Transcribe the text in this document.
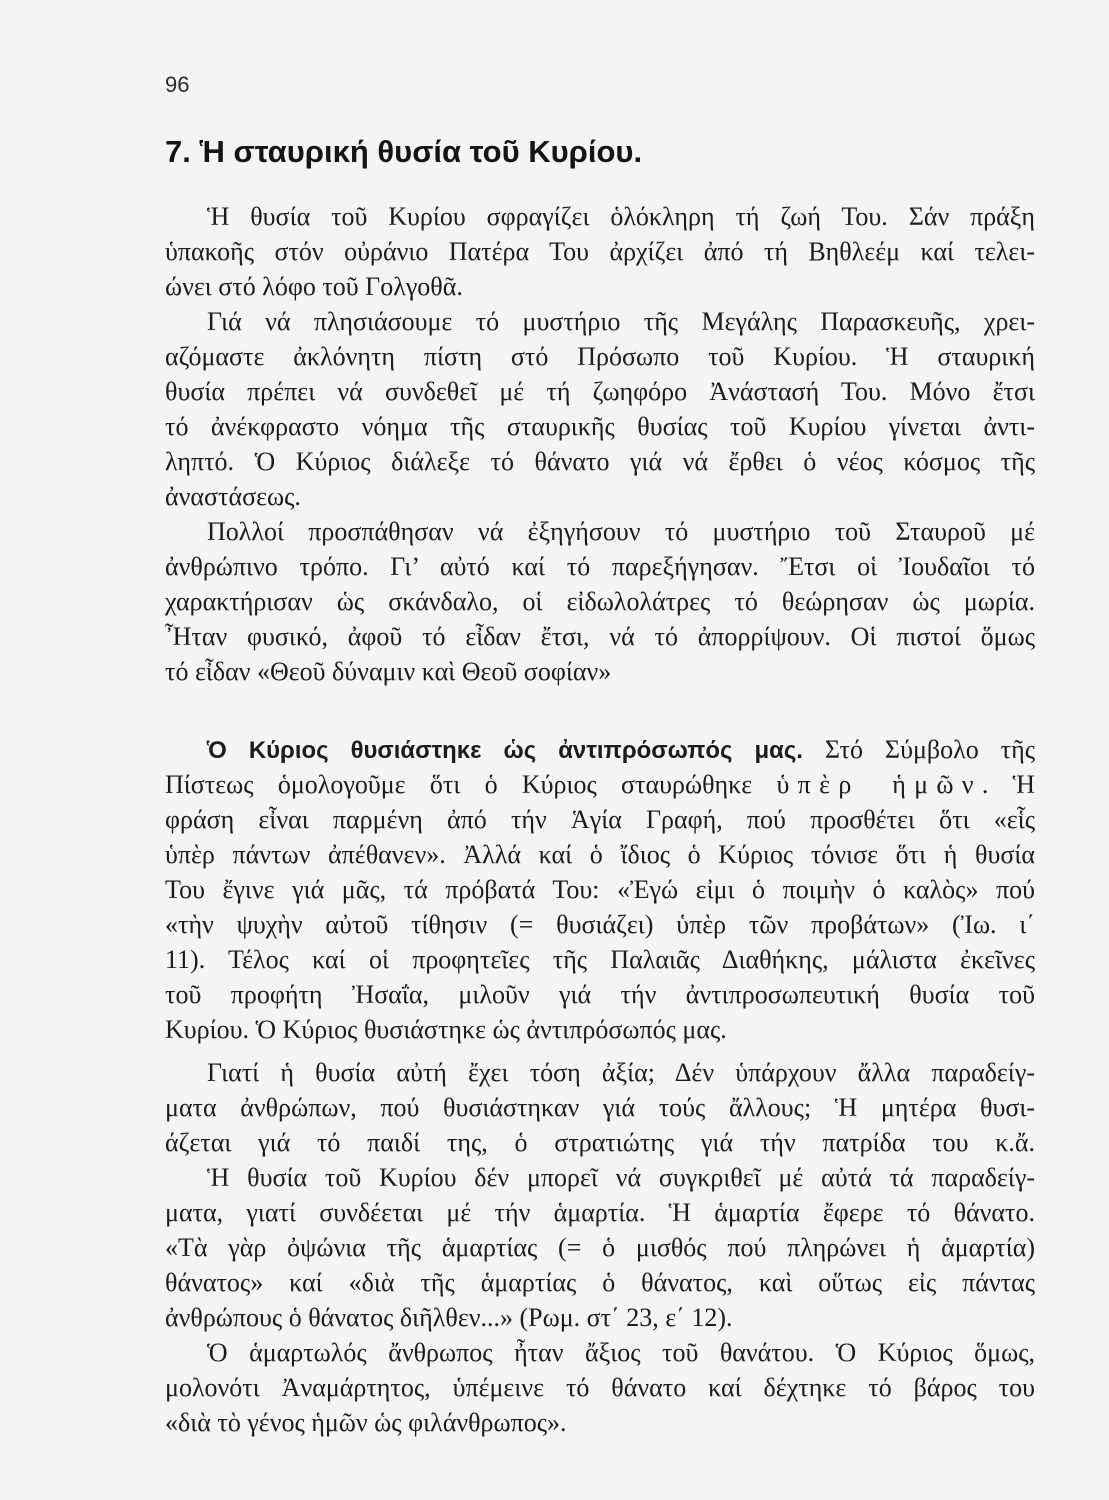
96
7. Ἡ σταυρική θυσία τοῦ Κυρίου.
Ἡ θυσία τοῦ Κυρίου σφραγίζει ὁλόκληρη τή ζωή Του. Σάν πράξη
ὑπακοῆς στόν οὐράνιο Πατέρα Του ἀρχίζει ἀπό τή Βηθλεέμ καί τελει-
ώνει στό λόφο τοῦ Γολγοθᾶ.
Γιά νά πλησιάσουμε τό μυστήριο τῆς Μεγάλης Παρασκευῆς, χρει-
αζόμαστε ἀκλόνητη πίστη στό Πρόσωπο τοῦ Κυρίου. Ἡ σταυρική
θυσία πρέπει νά συνδεθεῖ μέ τή ζωηφόρο Ἀνάστασή Του. Μόνο ἔτσι
τό ἀνέκφραστο νόημα τῆς σταυρικῆς θυσίας τοῦ Κυρίου γίνεται ἀντι-
ληπτό. Ὁ Κύριος διάλεξε τό θάνατο γιά νά ἔρθει ὁ νέος κόσμος τῆς
ἀναστάσεως.
Πολλοί προσπάθησαν νά ἐξηγήσουν τό μυστήριο τοῦ Σταυροῦ μέ
ἀνθρώπινο τρόπο. Γι’ αὐτό καί τό παρεξήγησαν. Ἔτσι οἱ Ἰουδαῖοι τό
χαρακτήρισαν ὡς σκάνδαλο, οἱ εἰδωλολάτρες τό θεώρησαν ὡς μωρία.
Ἦταν φυσικό, ἀφοῦ τό εἶδαν ἔτσι, νά τό ἀπορρίψουν. Οἱ πιστοί ὅμως
τό εἶδαν «Θεοῦ δύναμιν καὶ Θεοῦ σοφίαν»
Ὁ Κύριος θυσιάστηκε ὡς ἀντιπρόσωπός μας. Στό Σύμβολο τῆς
Πίστεως ὁμολογοῦμε ὅτι ὁ Κύριος σταυρώθηκε ὑπὲρ ἡμῶν. Ἡ
φράση εἶναι παρμένη ἀπό τήν Ἁγία Γραφή, πού προσθέτει ὅτι «εἷς
ὑπὲρ πάντων ἀπέθανεν». Ἀλλά καί ὁ ἴδιος ὁ Κύριος τόνισε ὅτι ἡ θυσία
Του ἔγινε γιά μᾶς, τά πρόβατά Του: «Ἐγώ εἰμι ὁ ποιμὴν ὁ καλὸς» πού
«τὴν ψυχὴν αὐτοῦ τίθησιν (= θυσιάζει) ὑπὲρ τῶν προβάτων» (Ἰω. ι΄
11). Τέλος καί οἱ προφητεῖες τῆς Παλαιᾶς Διαθήκης, μάλιστα ἐκεῖνες
τοῦ προφήτη Ἠσαΐα, μιλοῦν γιά τήν ἀντιπροσωπευτική θυσία τοῦ
Κυρίου. Ὁ Κύριος θυσιάστηκε ὡς ἀντιπρόσωπός μας.
Γιατί ἡ θυσία αὐτή ἔχει τόση ἀξία; Δέν ὑπάρχουν ἄλλα παραδείγ-
ματα ἀνθρώπων, πού θυσιάστηκαν γιά τούς ἄλλους; Ἡ μητέρα θυσι-
άζεται γιά τό παιδί της, ὁ στρατιώτης γιά τήν πατρίδα του κ.ἄ.
Ἡ θυσία τοῦ Κυρίου δέν μπορεῖ νά συγκριθεῖ μέ αὐτά τά παραδείγ-
ματα, γιατί συνδέεται μέ τήν ἁμαρτία. Ἡ ἁμαρτία ἔφερε τό θάνατο.
«Τὰ γὰρ ὀψώνια τῆς ἁμαρτίας (= ὁ μισθός πού πληρώνει ἡ ἁμαρτία)
θάνατος» καί «διὰ τῆς ἁμαρτίας ὁ θάνατος, καὶ οὕτως εἰς πάντας
ἀνθρώπους ὁ θάνατος διῆλθεν...» (Ρωμ. στ΄ 23, ε΄ 12).
Ὁ ἁμαρτωλός ἄνθρωπος ἦταν ἄξιος τοῦ θανάτου. Ὁ Κύριος ὅμως,
μολονότι Ἀναμάρτητος, ὑπέμεινε τό θάνατο καί δέχτηκε τό βάρος του
«διὰ τὸ γένος ἡμῶν ὡς φιλάνθρωπος».
